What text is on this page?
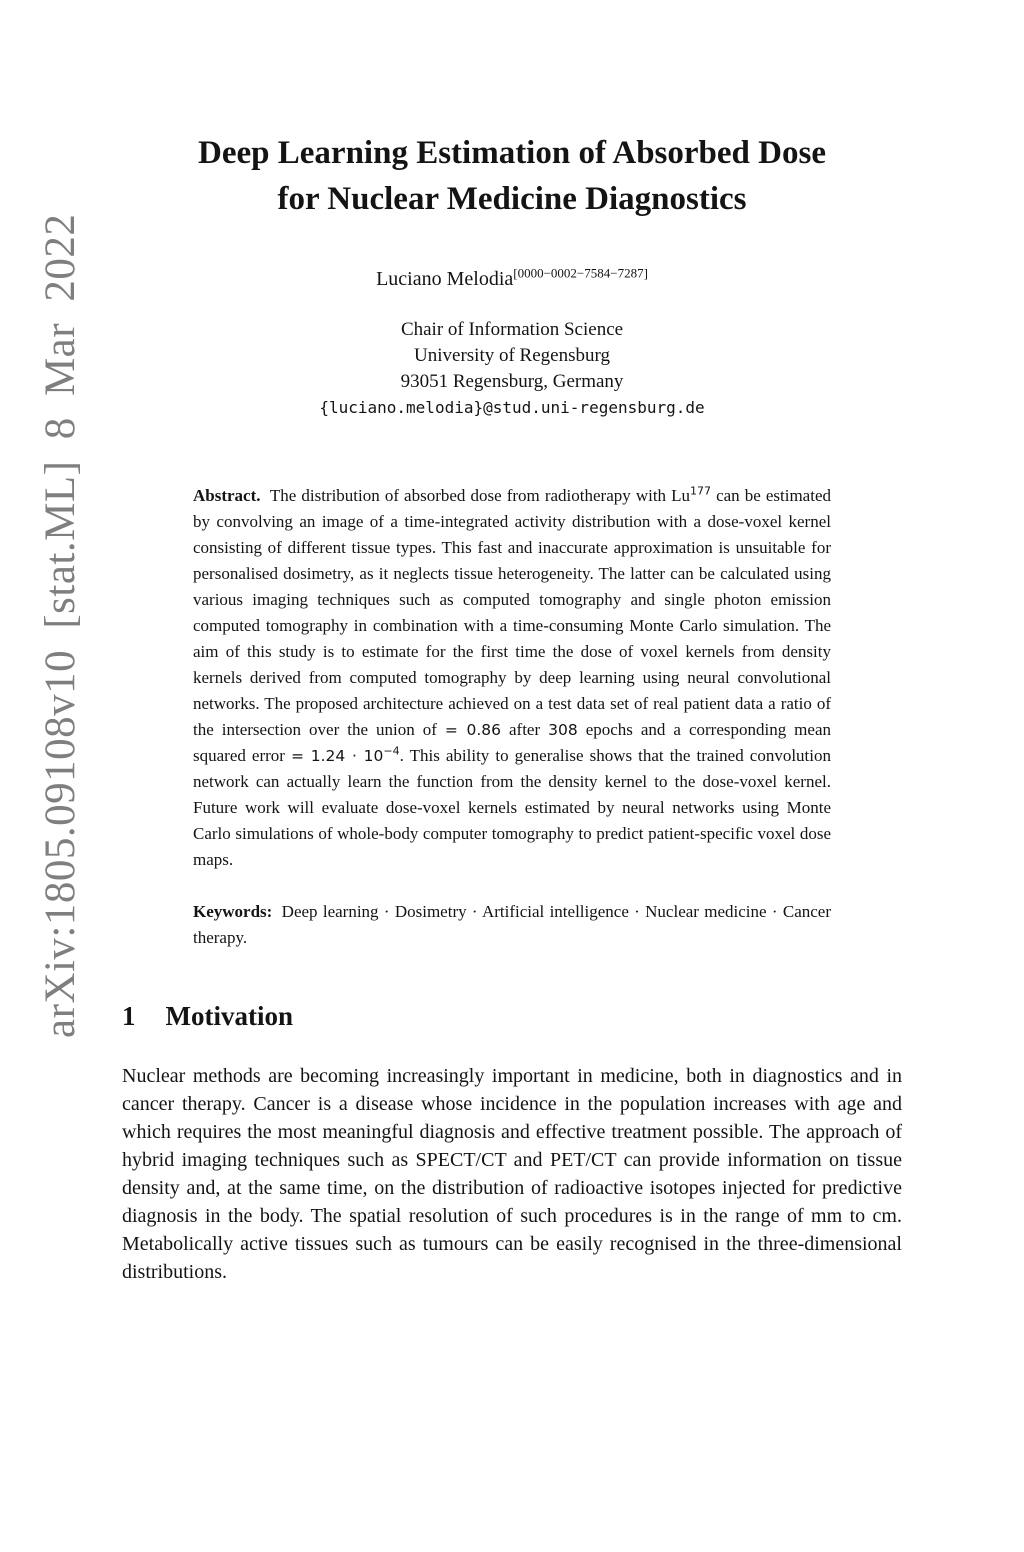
arXiv:1805.09108v10 [stat.ML] 8 Mar 2022
Deep Learning Estimation of Absorbed Dose
for Nuclear Medicine Diagnostics
Luciano Melodia[0000−0002−7584−7287]
Chair of Information Science
University of Regensburg
93051 Regensburg, Germany
{luciano.melodia}@stud.uni-regensburg.de

Abstract. The distribution of absorbed dose from radiotherapy with Lu$^{177}$ can be estimated by convolving an image of a time-integrated activity distribution with a dose-voxel kernel consisting of different tissue types. This fast and inaccurate approximation is unsuitable for personalised dosimetry, as it neglects tissue heterogeneity. The latter can be calculated using various imaging techniques such as computed tomography and single photon emission computed tomography in combination with a time-consuming Monte Carlo simulation. The aim of this study is to estimate for the first time the dose of voxel kernels from density kernels derived from computed tomography by deep learning using neural convolutional networks. The proposed architecture achieved on a test data set of real patient data a ratio of the intersection over the union of = 0.86 after 308 epochs and a corresponding mean squared error = $1.24 \cdot 10^{-4}$. This ability to generalise shows that the trained convolution network can actually learn the function from the density kernel to the dose-voxel kernel. Future work will evaluate dose-voxel kernels estimated by neural networks using Monte Carlo simulations of whole-body computer tomography to predict patient-specific voxel dose maps.

Keywords: Deep learning · Dosimetry · Artificial intelligence · Nuclear medicine · Cancer therapy.

1 Motivation

Nuclear methods are becoming increasingly important in medicine, both in diagnostics and in cancer therapy. Cancer is a disease whose incidence in the population increases with age and which requires the most meaningful diagnosis and effective treatment possible. The approach of hybrid imaging techniques such as SPECT/CT and PET/CT can provide information on tissue density and, at the same time, on the distribution of radioactive isotopes injected for predictive diagnosis in the body. The spatial resolution of such procedures is in the range of mm to cm. Metabolically active tissues such as tumours can be easily recognised in the three-dimensional distributions.
